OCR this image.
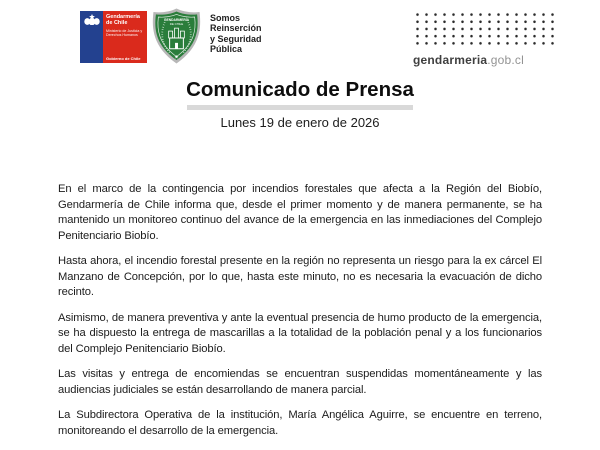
Gendarmería de Chile
Ministerio de Justicia y Derechos Humanos
Gobierno de Chile
GENDARMERÍA
DE CHILE
★
Somos
Reinserción
y Seguridad
Pública
gendarmeria.gob.cl
Comunicado de Prensa
Lunes 19 de enero de 2026

En el marco de la contingencia por incendios forestales que afecta a la Región del Biobío, Gendarmería de Chile informa que, desde el primer momento y de manera permanente, se ha mantenido un monitoreo continuo del avance de la emergencia en las inmediaciones del Complejo Penitenciario Biobío.

Hasta ahora, el incendio forestal presente en la región no representa un riesgo para la ex cárcel El Manzano de Concepción, por lo que, hasta este minuto, no es necesaria la evacuación de dicho recinto.

Asimismo, de manera preventiva y ante la eventual presencia de humo producto de la emergencia, se ha dispuesto la entrega de mascarillas a la totalidad de la población penal y a los funcionarios del Complejo Penitenciario Biobío.

Las visitas y entrega de encomiendas se encuentran suspendidas momentáneamente y las audiencias judiciales se están desarrollando de manera parcial.

La Subdirectora Operativa de la institución, María Angélica Aguirre, se encuentre en terreno, monitoreando el desarrollo de la emergencia.
